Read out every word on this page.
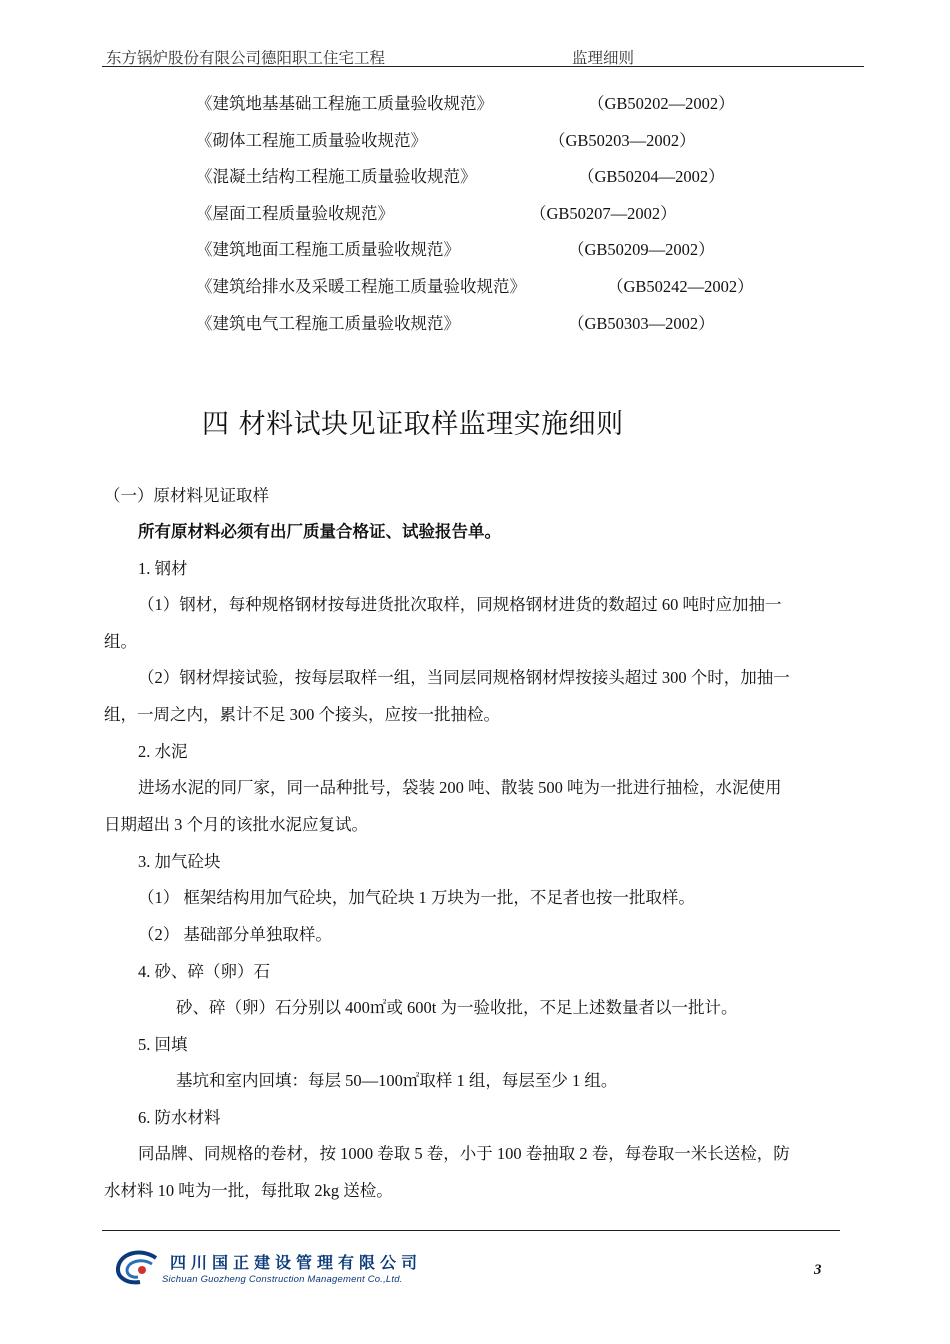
东方锅炉股份有限公司德阳职工住宅工程	监理细则
《建筑地基基础工程施工质量验收规范》	（GB50202—2002）
《砌体工程施工质量验收规范》	（GB50203—2002）
《混凝土结构工程施工质量验收规范》	（GB50204—2002）
《屋面工程质量验收规范》	（GB50207—2002）
《建筑地面工程施工质量验收规范》	（GB50209—2002）
《建筑给排水及采暖工程施工质量验收规范》	（GB50242—2002）
《建筑电气工程施工质量验收规范》	（GB50303—2002）
四 材料试块见证取样监理实施细则
（一）原材料见证取样
所有原材料必须有出厂质量合格证、试验报告单。
1. 钢材
（1）钢材，每种规格钢材按每进货批次取样，同规格钢材进货的数超过 60 吨时应加抽一
组。
（2）钢材焊接试验，按每层取样一组，当同层同规格钢材焊按接头超过 300 个时，加抽一
组，一周之内，累计不足 300 个接头，应按一批抽检。
2. 水泥
进场水泥的同厂家，同一品种批号，袋装 200 吨、散装 500 吨为一批进行抽检，水泥使用
日期超出 3 个月的该批水泥应复试。
3. 加气砼块
（1） 框架结构用加气砼块，加气砼块 1 万块为一批，不足者也按一批取样。
（2） 基础部分单独取样。
4. 砂、碎（卵）石
砂、碎（卵）石分别以 400㎡或 600t 为一验收批，不足上述数量者以一批计。
5. 回填
基坑和室内回填：每层 50—100㎡取样 1 组，每层至少 1 组。
6. 防水材料
同品牌、同规格的卷材，按 1000 卷取 5 卷，小于 100 卷抽取 2 卷，每卷取一米长送检，防
水材料 10 吨为一批，每批取 2kg 送检。
四川国正建设管理有限公司
Sichuan Guozheng Construction Management Co.,Ltd.
3
